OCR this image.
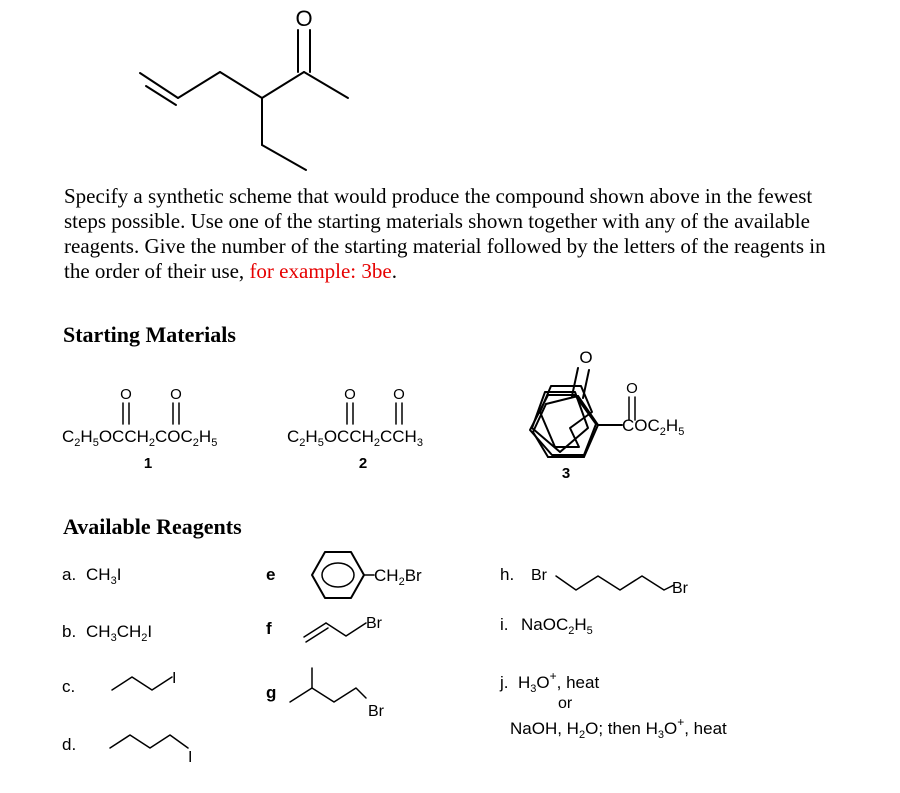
O
O	O
$C_2H_5OCCH_2COC_2H_5$
1
O O
$C_2H_5OCCH_2CCH_3$
2
O
O
$COC_2H_5$
3
a. $CH_3I$
b. $CH_3CH_2I$
c.	I
d.
I
e	$CH_2Br$
f	Br
g
Br
h. Br
Br
i. $NaOC_2H_5$
j. $H_3O^+$, heat
or
NaOH, $H_2O$; then $H_3O^+$, heat
Specify a synthetic scheme that would produce the compound shown above in the fewest steps possible. Use one of the starting materials shown together with any of the available reagents. Give the number of the starting material followed by the letters of the reagents in the order of their use, for example: 3be.
Starting Materials
Available Reagents
